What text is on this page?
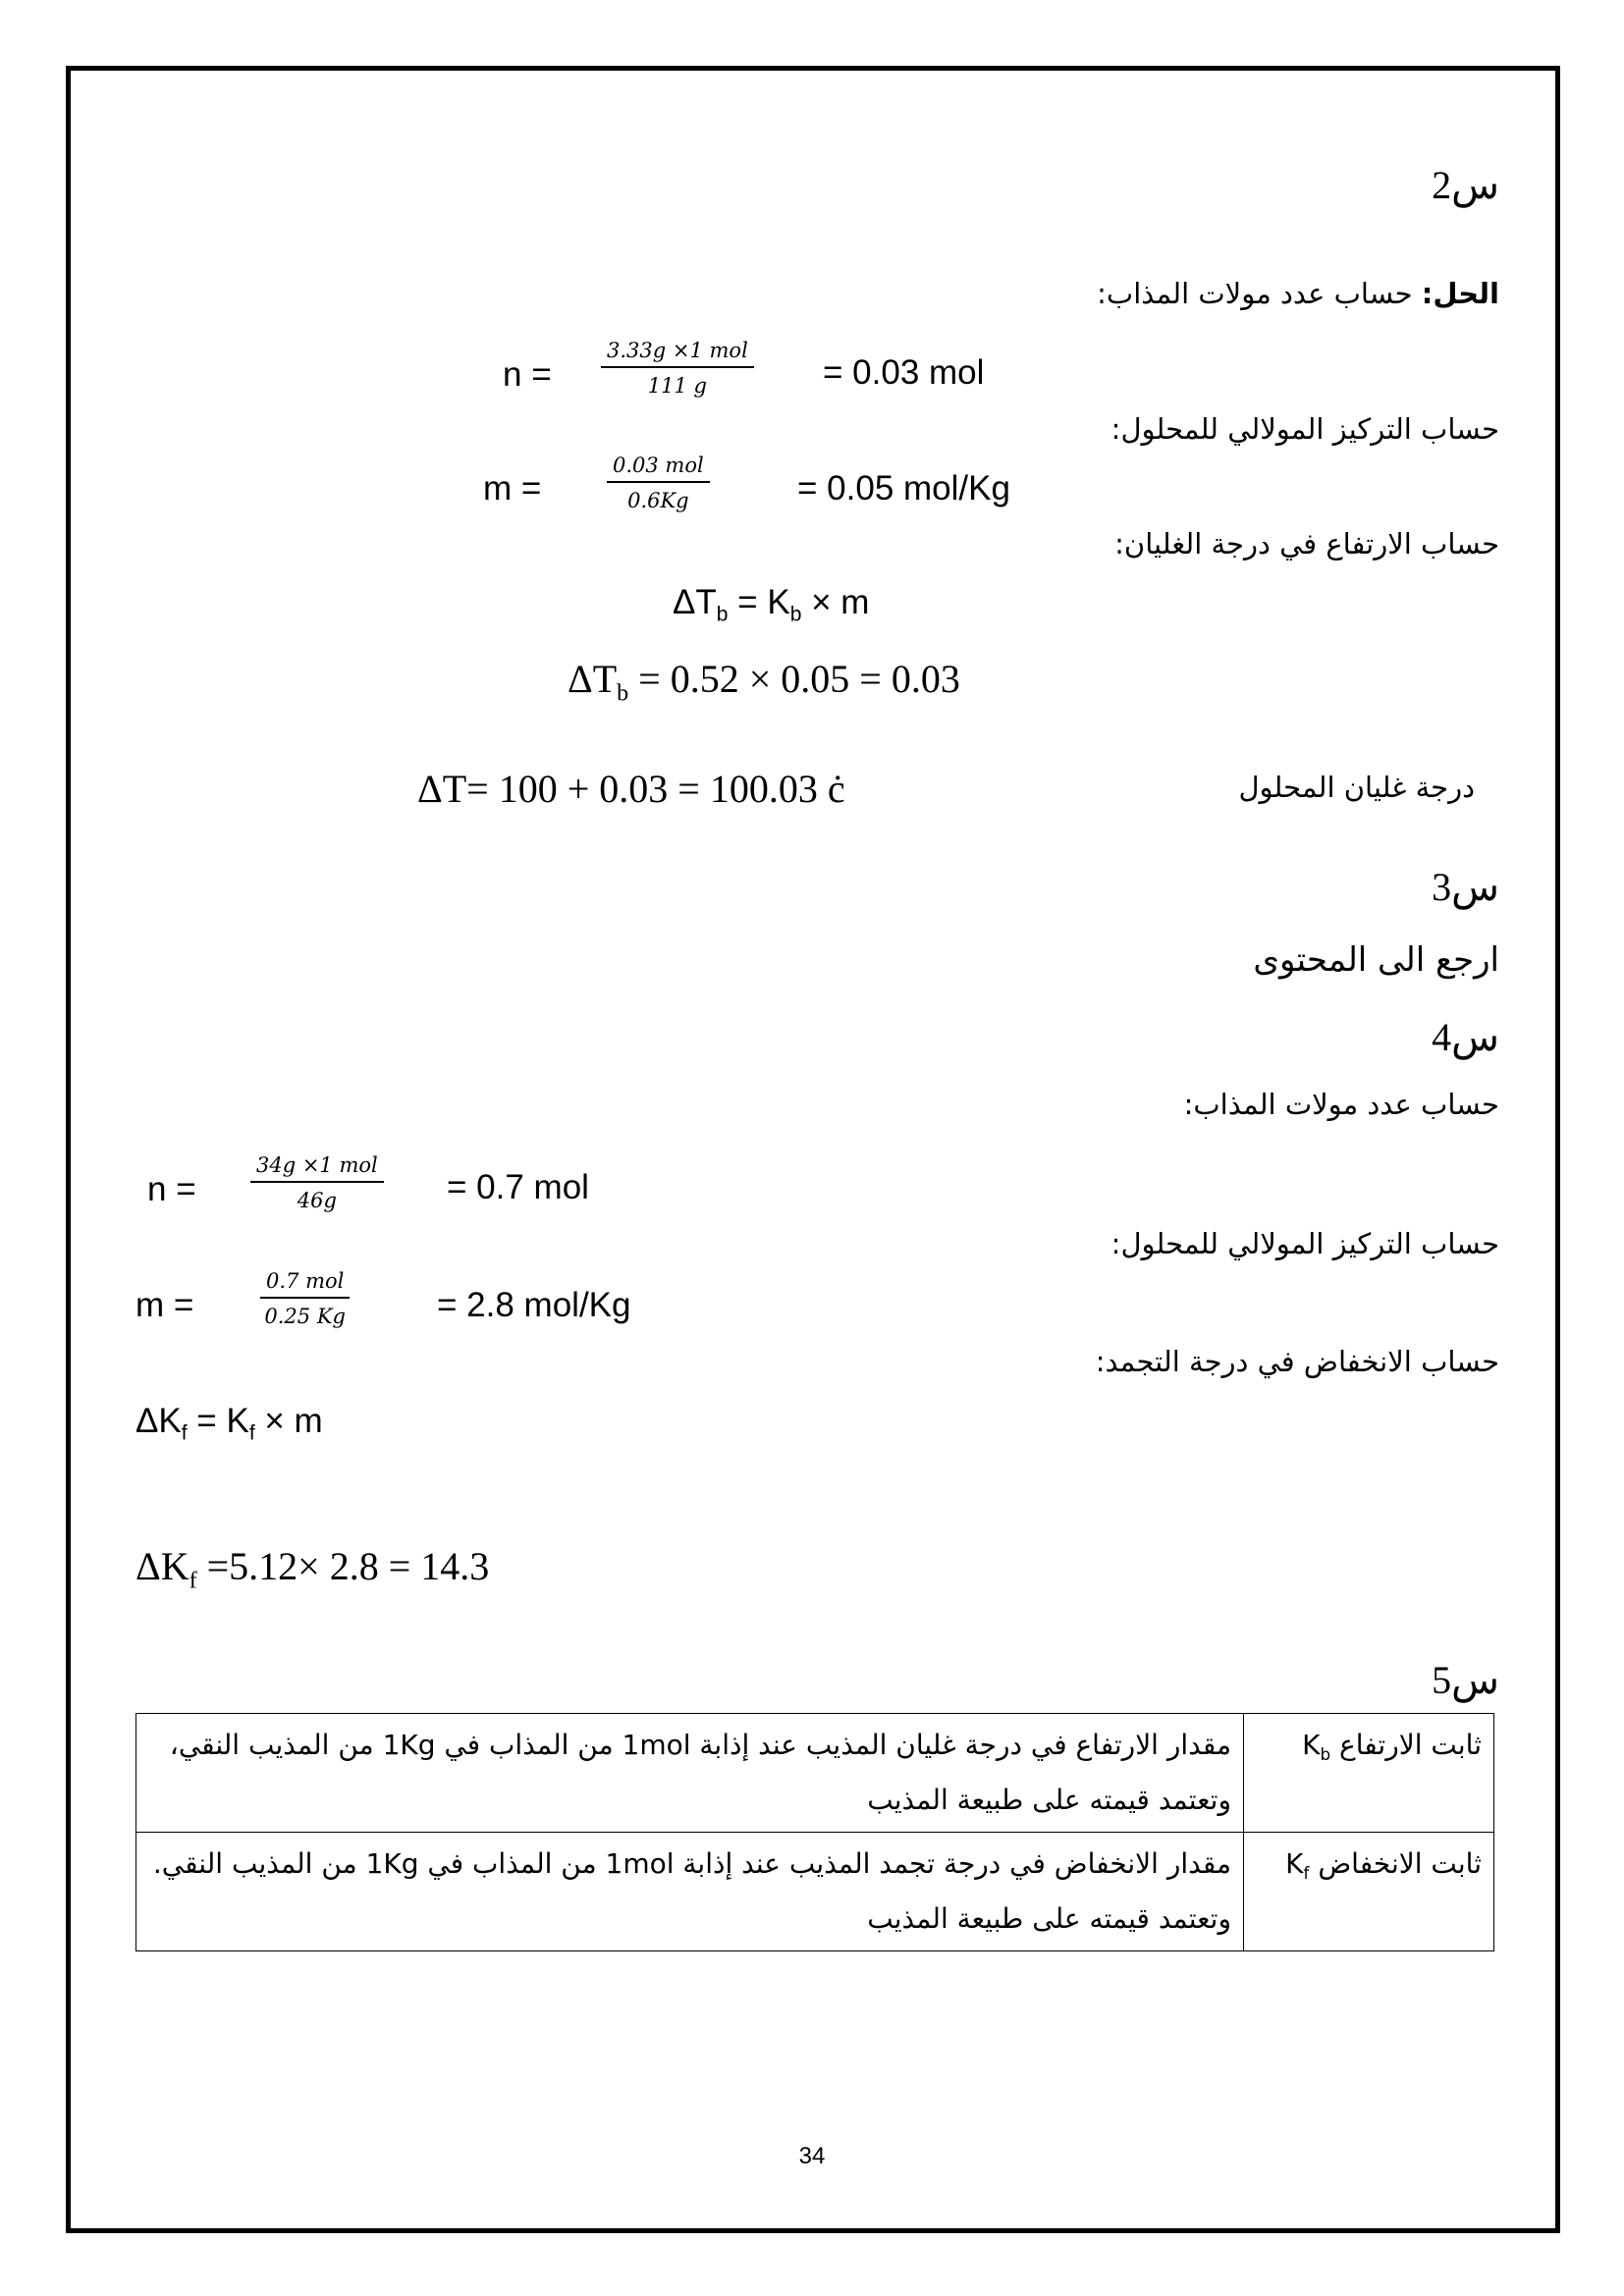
س2
الحل: حساب عدد مولات المذاب:
n =
3.33𝑔 ×1 𝑚𝑜𝑙
111 𝑔	= 0.03 mol
حساب التركيز المولالي للمحلول:
m =
0.03 𝑚𝑜𝑙
0.6𝐾𝑔	= 0.05 mol/Kg
حساب الارتفاع في درجة الغليان:
$\Delta T_b = K_b \times m$
$\Delta T_b = 0.52 \times 0.05 = 0.03$
ΔT= 100 + 0.03 = 100.03 ċ	درجة غليان المحلول
س3
ارجع الى المحتوى
س4
حساب عدد مولات المذاب:
n =
34𝑔 ×1 𝑚𝑜𝑙
46𝑔	= 0.7 mol
حساب التركيز المولالي للمحلول:
m =
0.7 𝑚𝑜𝑙
0.25 𝐾𝑔	= 2.8 mol/Kg
حساب الانخفاض في درجة التجمد:
$\Delta K_f = K_f \times m$
$\Delta K_f =5.12\times 2.8 = 14.3$
س5
ثابت الارتفاع $K_b$	مقدار الارتفاع في درجة غليان المذيب عند إذابة 1mol من المذاب في 1Kg من المذيب النقي، وتعتمد قيمته على طبيعة المذيب
ثابت الانخفاض $K_f$	مقدار الانخفاض في درجة تجمد المذيب عند إذابة 1mol من المذاب في 1Kg من المذيب النقي. وتعتمد قيمته على طبيعة المذيب
34
